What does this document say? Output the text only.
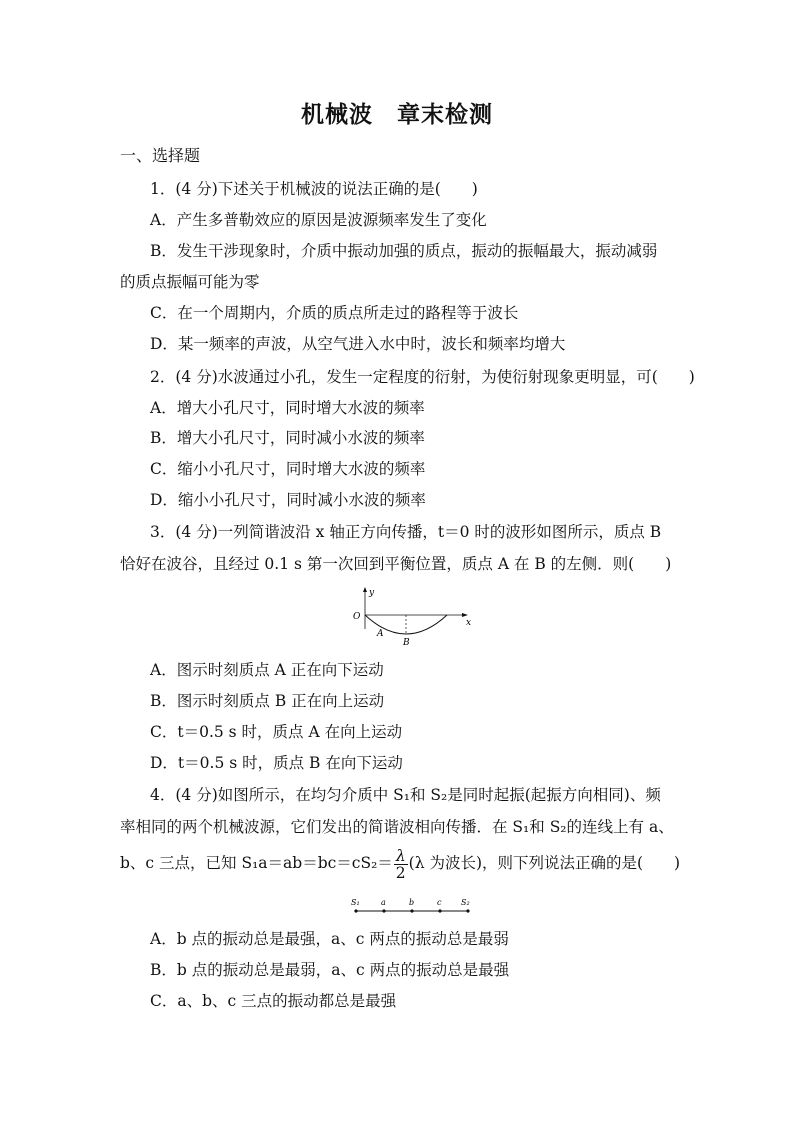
机械波　章末检测
一、选择题
1．(4 分)下述关于机械波的说法正确的是(　　)
A．产生多普勒效应的原因是波源频率发生了变化
B．发生干涉现象时，介质中振动加强的质点，振动的振幅最大，振动减弱
的质点振幅可能为零
C．在一个周期内，介质的质点所走过的路程等于波长
D．某一频率的声波，从空气进入水中时，波长和频率均增大
2．(4 分)水波通过小孔，发生一定程度的衍射，为使衍射现象更明显，可(　　)
A．增大小孔尺寸，同时增大水波的频率
B．增大小孔尺寸，同时减小水波的频率
C．缩小小孔尺寸，同时增大水波的频率
D．缩小小孔尺寸，同时减小水波的频率
3．(4 分)一列简谐波沿 x 轴正方向传播，t＝0 时的波形如图所示，质点 B
恰好在波谷，且经过 0.1 s 第一次回到平衡位置，质点 A 在 B 的左侧．则(　　)
y
x
O
A
B
A．图示时刻质点 A 正在向下运动
B．图示时刻质点 B 正在向上运动
C．t＝0.5 s 时，质点 A 在向上运动
D．t＝0.5 s 时，质点 B 在向下运动
4．(4 分)如图所示，在均匀介质中 S₁和 S₂是同时起振(起振方向相同)、频
率相同的两个机械波源，它们发出的简谐波相向传播．在 S₁和 S₂的连线上有 a、
b、c 三点，已知 $S_1a=ab=bc=cS_2= \frac{\lambda}{2} (\lambda$ 为波长)，则下列说法正确的是(　　)
S₁	a	b	c S₂
A．b 点的振动总是最强，a、c 两点的振动总是最弱
B．b 点的振动总是最弱，a、c 两点的振动总是最强
C．a、b、c 三点的振动都总是最强
